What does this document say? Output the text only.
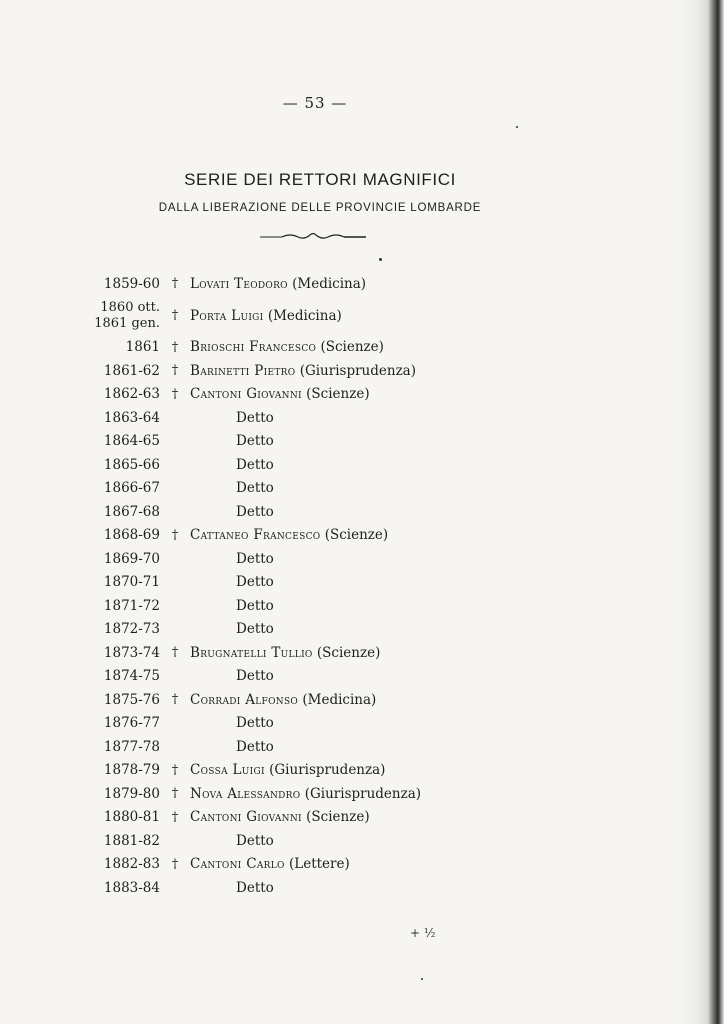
— 53 —
SERIE DEI RETTORI MAGNIFICI
DALLA LIBERAZIONE DELLE PROVINCIE LOMBARDE
1859-60 † Lovati Teodoro (Medicina)
1860 ott.
1861 gen. † Porta Luigi (Medicina)
1861 † Brioschi Francesco (Scienze)
1861-62 † Barinetti Pietro (Giurisprudenza)
1862-63 † Cantoni Giovanni (Scienze)
1863-64	Detto
1864-65	Detto
1865-66	Detto
1866-67	Detto
1867-68	Detto
1868-69 † Cattaneo Francesco (Scienze)
1869-70	Detto
1870-71	Detto
1871-72	Detto
1872-73	Detto
1873-74 † Brugnatelli Tullio (Scienze)
1874-75	Detto
1875-76 † Corradi Alfonso (Medicina)
1876-77	Detto
1877-78	Detto
1878-79 † Cossa Luigi (Giurisprudenza)
1879-80 † Nova Alessandro (Giurisprudenza)
1880-81 † Cantoni Giovanni (Scienze)
1881-82	Detto
1882-83 † Cantoni Carlo (Lettere)
1883-84	Detto
+ ½
